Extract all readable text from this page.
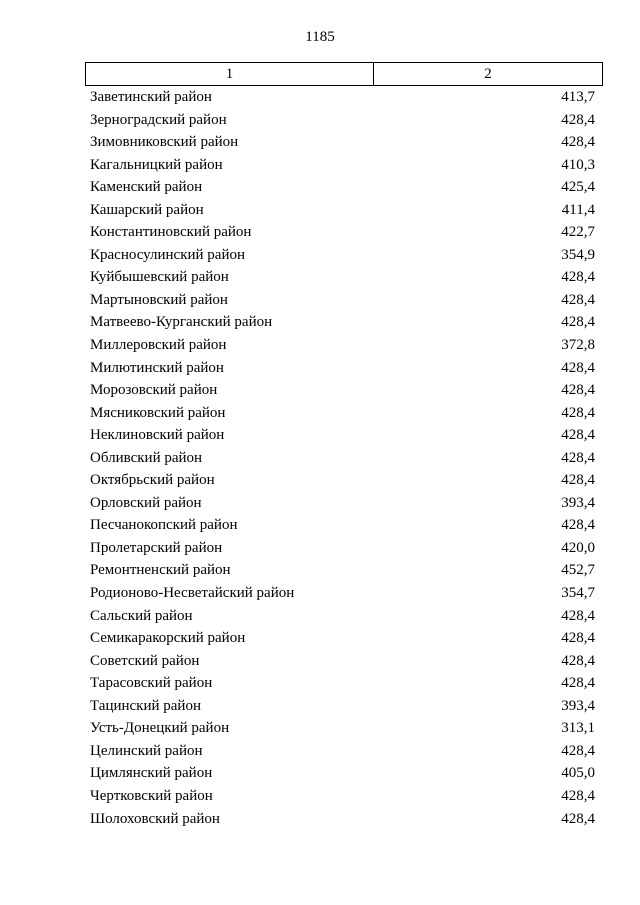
1185
1	2
Заветинский район	413,7
Зерноградский район	428,4
Зимовниковский район	428,4
Кагальницкий район	410,3
Каменский район	425,4
Кашарский район	411,4
Константиновский район	422,7
Красносулинский район	354,9
Куйбышевский район	428,4
Мартыновский район	428,4
Матвеево-Курганский район	428,4
Миллеровский район	372,8
Милютинский район	428,4
Морозовский район	428,4
Мясниковский район	428,4
Неклиновский район	428,4
Обливский район	428,4
Октябрьский район	428,4
Орловский район	393,4
Песчанокопский район	428,4
Пролетарский район	420,0
Ремонтненский район	452,7
Родионово-Несветайский район	354,7
Сальский район	428,4
Семикаракорский район	428,4
Советский район	428,4
Тарасовский район	428,4
Тацинский район	393,4
Усть-Донецкий район	313,1
Целинский район	428,4
Цимлянский район	405,0
Чертковский район	428,4
Шолоховский район	428,4
